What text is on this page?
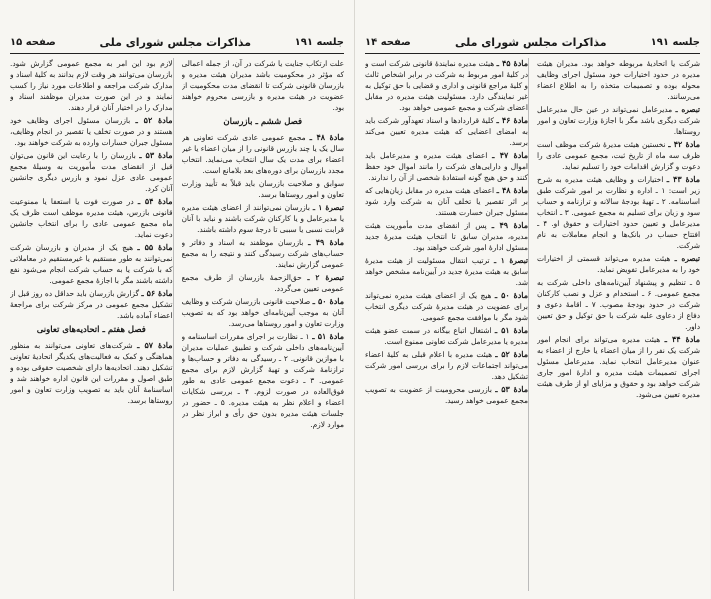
جلسه ۱۹۱
مذاکرات مجلس شورای ملی
صفحه ۱۵
علت ارتکاب جنایت یا شرکت در آن، از جمله اعمالی که مؤثر در محکومیت باشد مدیران هیئت مدیره و بازرسان قانونی شرکت تا انقضای مدت محکومیت از عضویت در هیئت مدیره و بازرسی محروم خواهند بود.
فصل ششم ـ بازرسان
مادهٔ ۴۸ ـ مجمع عمومی عادی شرکت تعاونی هر سال یک یا چند بازرس قانونی را از میان اعضاء یا غیر اعضاء برای مدت یک سال انتخاب می‌نماید. انتخاب مجدد بازرسان برای دوره‌های بعد بلامانع است.
سوابق و صلاحیت بازرسان باید قبلاً به تأیید وزارت تعاون و امور روستاها برسد.
تبصرهٔ ۱ ـ بازرسان نمی‌توانند از اعضای هیئت مدیره یا مدیرعامل و یا کارکنان شرکت باشند و نباید با آنان قرابت نسبی یا سببی تا درجهٔ سوم داشته باشند.
مادهٔ ۴۹ ـ بازرسان موظفند به اسناد و دفاتر و حساب‌های شرکت رسیدگی کنند و نتیجه را به مجمع عمومی گزارش نمایند.
تبصرهٔ ۲ ـ حق‌الزحمهٔ بازرسان از طرف مجمع عمومی تعیین می‌گردد.
مادهٔ ۵۰ ـ صلاحیت قانونی بازرسان شرکت و وظایف آنان به موجب آیین‌نامه‌ای خواهد بود که به تصویب وزارت تعاون و امور روستاها می‌رسد.
مادهٔ ۵۱ ـ ۱ ـ نظارت بر اجرای مقررات اساسنامه و آیین‌نامه‌های داخلی شرکت و تطبیق عملیات مدیران با موازین قانونی. ۲ ـ رسیدگی به دفاتر و حساب‌ها و ترازنامهٔ شرکت و تهیهٔ گزارش لازم برای مجمع عمومی. ۳ ـ دعوت مجمع عمومی عادی به طور فوق‌العاده در صورت لزوم. ۴ ـ بررسی شکایات اعضاء و اعلام نظر به هیئت مدیره. ۵ ـ حضور در جلسات هیئت مدیره بدون حق رأی و ابراز نظر در موارد لازم.
لازم بود این امر به مجمع عمومی گزارش شود. بازرسان می‌توانند هر وقت لازم بدانند به کلیهٔ اسناد و مدارک شرکت مراجعه و اطلاعات مورد نیاز را کسب نمایند و در این صورت مدیران موظفند اسناد و مدارک را در اختیار آنان قرار دهند.
مادهٔ ۵۲ ـ بازرسان مسئول اجرای وظایف خود هستند و در صورت تخلف یا تقصیر در انجام وظایف، مسئول جبران خسارات وارده به شرکت خواهند بود.
مادهٔ ۵۳ ـ بازرسان را با رعایت این قانون می‌توان قبل از انقضای مدت مأموریت به وسیلهٔ مجمع عمومی عادی عزل نمود و بازرس دیگری جانشین آنان کرد.
مادهٔ ۵۴ ـ در صورت فوت یا استعفا یا ممنوعیت قانونی بازرس، هیئت مدیره موظف است ظرف یک ماه مجمع عمومی عادی را برای انتخاب جانشین دعوت نماید.
مادهٔ ۵۵ ـ هیچ یک از مدیران و بازرسان شرکت نمی‌توانند به طور مستقیم یا غیرمستقیم در معاملاتی که با شرکت یا به حساب شرکت انجام می‌شود نفع داشته باشند مگر با اجازهٔ مجمع عمومی.
مادهٔ ۵۶ ـ گزارش بازرسان باید حداقل ده روز قبل از تشکیل مجمع عمومی در مرکز شرکت برای مراجعهٔ اعضاء آماده باشد.
فصل هفتم ـ اتحادیه‌های تعاونی
مادهٔ ۵۷ ـ شرکت‌های تعاونی می‌توانند به منظور هماهنگی و کمک به فعالیت‌های یکدیگر اتحادیهٔ تعاونی تشکیل دهند. اتحادیه‌ها دارای شخصیت حقوقی بوده و طبق اصول و مقررات این قانون اداره خواهند شد و اساسنامهٔ آنان باید به تصویب وزارت تعاون و امور روستاها برسد.
جلسه ۱۹۱
مذاکرات مجلس شورای ملی
صفحه ۱۴
شرکت یا اتحادیهٔ مربوطه خواهد بود. مدیران هیئت مدیره در حدود اختیارات خود مسئول اجرای وظایف محوله بوده و تصمیمات متخذه را به اطلاع اعضاء می‌رسانند.
تبصره ـ مدیرعامل نمی‌تواند در عین حال مدیرعامل شرکت دیگری باشد مگر با اجازهٔ وزارت تعاون و امور روستاها.
مادهٔ ۴۲ ـ نخستین هیئت مدیرهٔ شرکت موظف است ظرف سه ماه از تاریخ ثبت، مجمع عمومی عادی را دعوت و گزارش اقدامات خود را تسلیم نماید.
مادهٔ ۴۳ ـ اختیارات و وظایف هیئت مدیره به شرح زیر است: ۱ ـ اداره و نظارت بر امور شرکت طبق اساسنامه. ۲ ـ تهیهٔ بودجهٔ سالانه و ترازنامه و حساب سود و زیان برای تسلیم به مجمع عمومی. ۳ ـ انتخاب مدیرعامل و تعیین حدود اختیارات و حقوق او. ۴ ـ افتتاح حساب در بانک‌ها و انجام معاملات به نام شرکت.
تبصره ـ هیئت مدیره می‌تواند قسمتی از اختیارات خود را به مدیرعامل تفویض نماید.
۵ ـ تنظیم و پیشنهاد آیین‌نامه‌های داخلی شرکت به مجمع عمومی. ۶ ـ استخدام و عزل و نصب کارکنان شرکت در حدود بودجهٔ مصوب. ۷ ـ اقامهٔ دعوی و دفاع از دعاوی علیه شرکت با حق توکیل و حق تعیین داور.
مادهٔ ۴۴ ـ هیئت مدیره می‌تواند برای انجام امور شرکت یک نفر را از میان اعضاء یا خارج از اعضاء به عنوان مدیرعامل انتخاب نماید. مدیرعامل مسئول اجرای تصمیمات هیئت مدیره و ادارهٔ امور جاری شرکت خواهد بود و حقوق و مزایای او از طرف هیئت مدیره تعیین می‌شود.
مادهٔ ۴۵ ـ هیئت مدیره نمایندهٔ قانونی شرکت است و در کلیهٔ امور مربوط به شرکت در برابر اشخاص ثالث و کلیهٔ مراجع قانونی و اداری و قضایی با حق توکیل به غیر نمایندگی دارد. مسئولیت هیئت مدیره در مقابل اعضای شرکت و مجمع عمومی خواهد بود.
مادهٔ ۴۶ ـ کلیهٔ قراردادها و اسناد تعهدآور شرکت باید به امضای اعضایی که هیئت مدیره تعیین می‌کند برسد.
مادهٔ ۴۷ ـ اعضای هیئت مدیره و مدیرعامل باید اموال و دارایی‌های شرکت را مانند اموال خود حفظ کنند و حق هیچ گونه استفادهٔ شخصی از آن را ندارند.
مادهٔ ۴۸ ـ اعضای هیئت مدیره در مقابل زیان‌هایی که بر اثر تقصیر یا تخلف آنان به شرکت وارد شود مسئول جبران خسارت هستند.
مادهٔ ۴۹ ـ پس از انقضای مدت مأموریت هیئت مدیره، مدیران سابق تا انتخاب هیئت مدیرهٔ جدید مسئول ادارهٔ امور شرکت خواهند بود.
تبصرهٔ ۱ ـ ترتیب انتقال مسئولیت از هیئت مدیرهٔ سابق به هیئت مدیرهٔ جدید در آیین‌نامه مشخص خواهد شد.
مادهٔ ۵۰ ـ هیچ یک از اعضای هیئت مدیره نمی‌تواند برای عضویت در هیئت مدیرهٔ شرکت دیگری انتخاب شود مگر با موافقت مجمع عمومی.
مادهٔ ۵۱ ـ اشتغال اتباع بیگانه در سمت عضو هیئت مدیره یا مدیرعامل شرکت تعاونی ممنوع است.
مادهٔ ۵۲ ـ هیئت مدیره با اعلام قبلی به کلیهٔ اعضاء می‌تواند اجتماعات لازم را برای بررسی امور شرکت تشکیل دهد.
مادهٔ ۵۳ ـ بازرسی محرومیت از عضویت به تصویب مجمع عمومی خواهد رسید.
